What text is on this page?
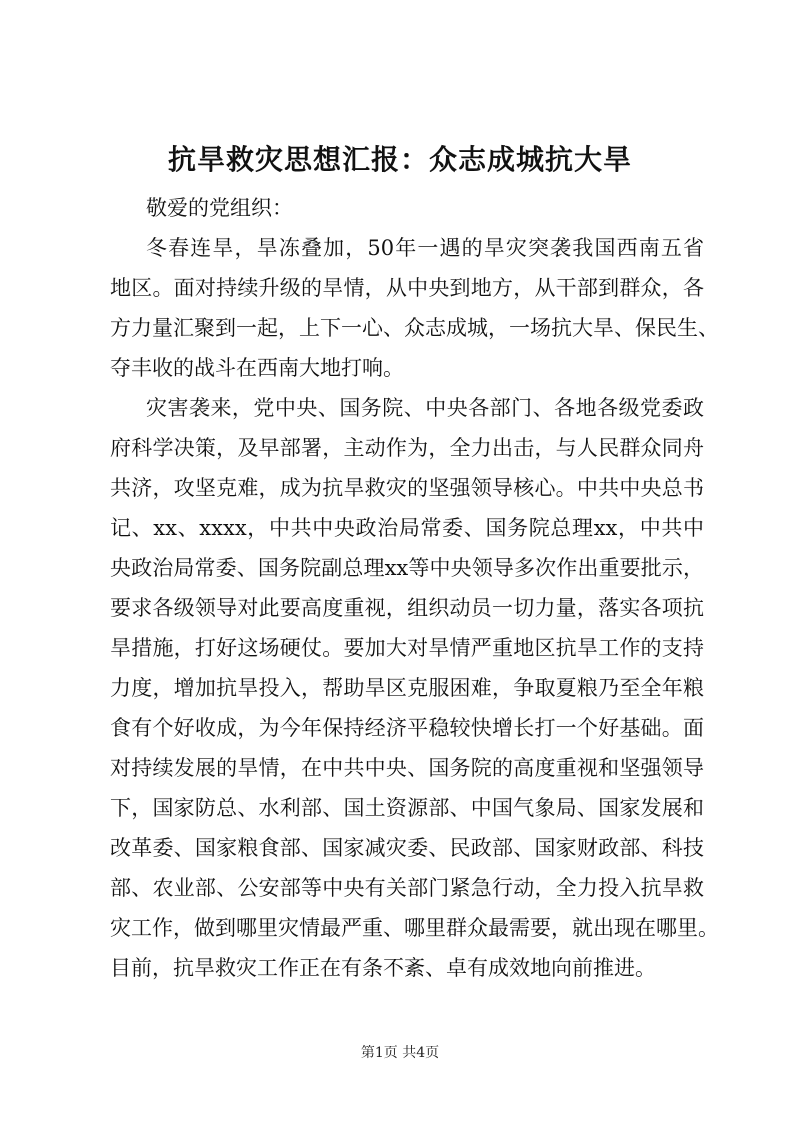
抗旱救灾思想汇报：众志成城抗大旱
敬爱的党组织：
冬春连旱，旱冻叠加，50年一遇的旱灾突袭我国西南五省
地区。面对持续升级的旱情，从中央到地方，从干部到群众，各
方力量汇聚到一起，上下一心、众志成城，一场抗大旱、保民生、
夺丰收的战斗在西南大地打响。
灾害袭来，党中央、国务院、中央各部门、各地各级党委政
府科学决策，及早部署，主动作为，全力出击，与人民群众同舟
共济，攻坚克难，成为抗旱救灾的坚强领导核心。中共中央总书
记、xx、xxxx，中共中央政治局常委、国务院总理xx，中共中
央政治局常委、国务院副总理xx等中央领导多次作出重要批示，
要求各级领导对此要高度重视，组织动员一切力量，落实各项抗
旱措施，打好这场硬仗。要加大对旱情严重地区抗旱工作的支持
力度，增加抗旱投入，帮助旱区克服困难，争取夏粮乃至全年粮
食有个好收成，为今年保持经济平稳较快增长打一个好基础。面
对持续发展的旱情，在中共中央、国务院的高度重视和坚强领导
下，国家防总、水利部、国土资源部、中国气象局、国家发展和
改革委、国家粮食部、国家减灾委、民政部、国家财政部、科技
部、农业部、公安部等中央有关部门紧急行动，全力投入抗旱救
灾工作，做到哪里灾情最严重、哪里群众最需要，就出现在哪里。
目前，抗旱救灾工作正在有条不紊、卓有成效地向前推进。
第1页 共4页
